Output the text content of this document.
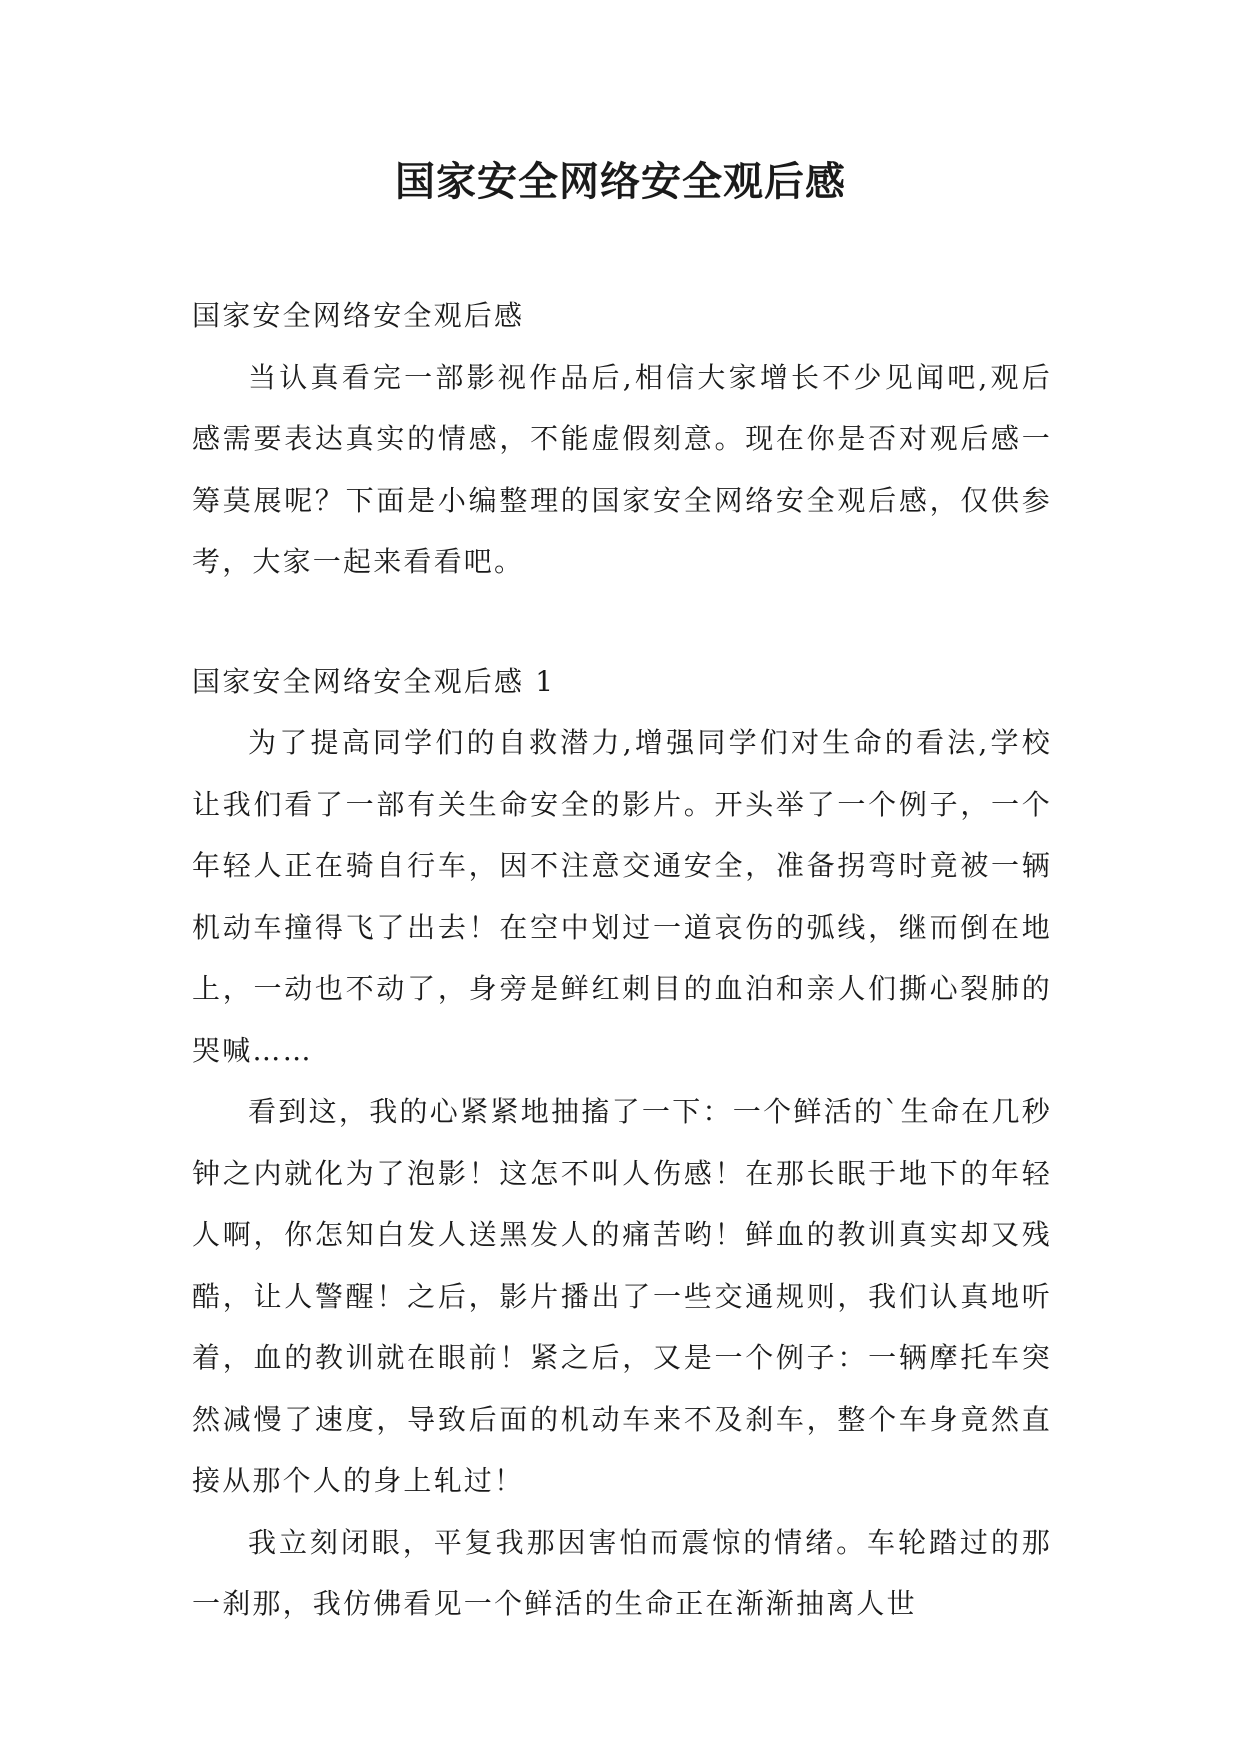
国家安全网络安全观后感

国家安全网络安全观后感

当认真看完一部影视作品后,相信大家增长不少见闻吧,观后感需要表达真实的情感，不能虚假刻意。现在你是否对观后感一筹莫展呢？下面是小编整理的国家安全网络安全观后感，仅供参考，大家一起来看看吧。

国家安全网络安全观后感 1

为了提高同学们的自救潜力,增强同学们对生命的看法,学校让我们看了一部有关生命安全的影片。开头举了一个例子，一个年轻人正在骑自行车，因不注意交通安全，准备拐弯时竟被一辆机动车撞得飞了出去！在空中划过一道哀伤的弧线，继而倒在地上，一动也不动了，身旁是鲜红刺目的血泊和亲人们撕心裂肺的哭喊……

看到这，我的心紧紧地抽搐了一下：一个鲜活的`生命在几秒钟之内就化为了泡影！这怎不叫人伤感！在那长眠于地下的年轻人啊，你怎知白发人送黑发人的痛苦哟！鲜血的教训真实却又残酷，让人警醒！之后，影片播出了一些交通规则，我们认真地听着，血的教训就在眼前！紧之后，又是一个例子：一辆摩托车突然减慢了速度，导致后面的机动车来不及刹车，整个车身竟然直接从那个人的身上轧过！

我立刻闭眼，平复我那因害怕而震惊的情绪。车轮踏过的那一刹那，我仿佛看见一个鲜活的生命正在渐渐抽离人世
